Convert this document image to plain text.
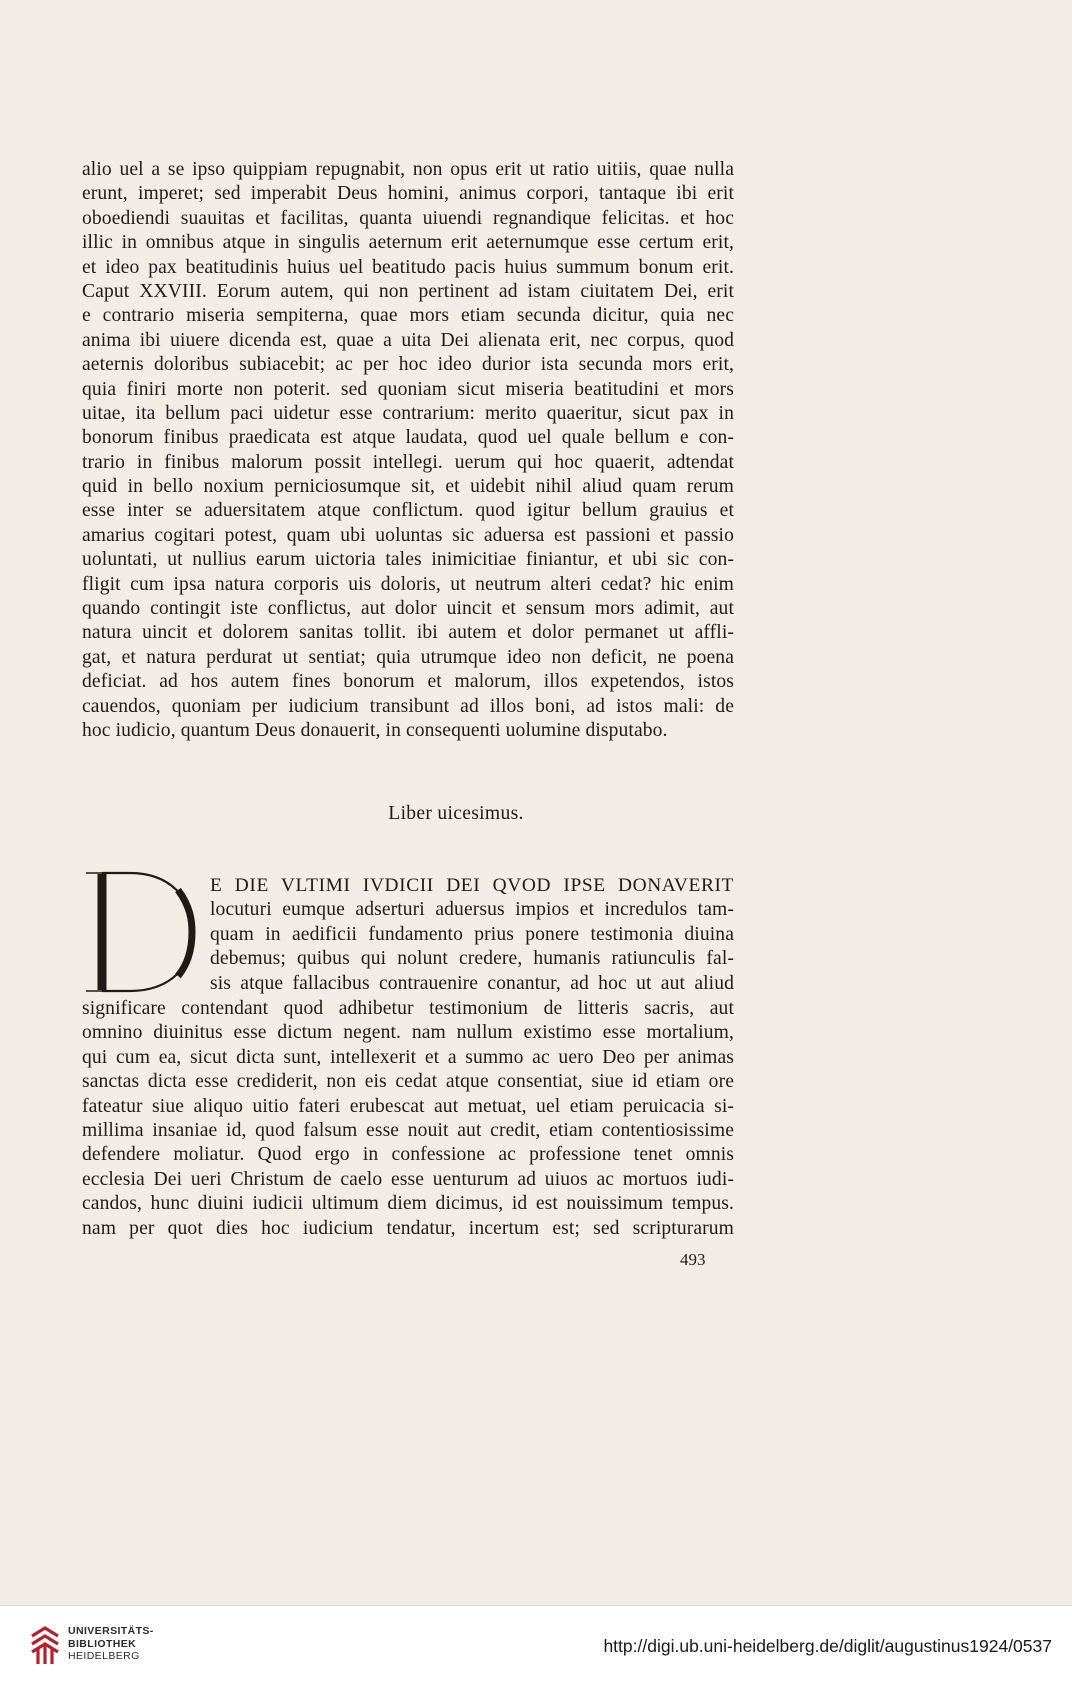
alio uel a se ipso quippiam repugnabit, non opus erit ut ratio uitiis, quae nulla
erunt, imperet; sed imperabit Deus homini, animus corpori, tantaque ibi erit
oboediendi suauitas et facilitas, quanta uiuendi regnandique felicitas. et hoc
illic in omnibus atque in singulis aeternum erit aeternumque esse certum erit,
et ideo pax beatitudinis huius uel beatitudo pacis huius summum bonum erit.
Caput XXVIII. Eorum autem, qui non pertinent ad istam ciuitatem Dei, erit
e contrario miseria sempiterna, quae mors etiam secunda dicitur, quia nec
anima ibi uiuere dicenda est, quae a uita Dei alienata erit, nec corpus, quod
aeternis doloribus subiacebit; ac per hoc ideo durior ista secunda mors erit,
quia finiri morte non poterit. sed quoniam sicut miseria beatitudini et mors
uitae, ita bellum paci uidetur esse contrarium: merito quaeritur, sicut pax in
bonorum finibus praedicata est atque laudata, quod uel quale bellum e con-
trario in finibus malorum possit intellegi. uerum qui hoc quaerit, adtendat
quid in bello noxium perniciosumque sit, et uidebit nihil aliud quam rerum
esse inter se aduersitatem atque conflictum. quod igitur bellum grauius et
amarius cogitari potest, quam ubi uoluntas sic aduersa est passioni et passio
uoluntati, ut nullius earum uictoria tales inimicitiae finiantur, et ubi sic con-
fligit cum ipsa natura corporis uis doloris, ut neutrum alteri cedat? hic enim
quando contingit iste conflictus, aut dolor uincit et sensum mors adimit, aut
natura uincit et dolorem sanitas tollit. ibi autem et dolor permanet ut affli-
gat, et natura perdurat ut sentiat; quia utrumque ideo non deficit, ne poena
deficiat. ad hos autem fines bonorum et malorum, illos expetendos, istos
cauendos, quoniam per iudicium transibunt ad illos boni, ad istos mali: de
hoc iudicio, quantum Deus donauerit, in consequenti uolumine disputabo.
Liber uicesimus.
E DIE VLTIMI IVDICII DEI QVOD IPSE DONAVERIT
locuturi eumque adserturi aduersus impios et incredulos tam-
quam in aedificii fundamento prius ponere testimonia diuina
debemus; quibus qui nolunt credere, humanis ratiunculis fal-
sis atque fallacibus contrauenire conantur, ad hoc ut aut aliud
significare contendant quod adhibetur testimonium de litteris sacris, aut
omnino diuinitus esse dictum negent. nam nullum existimo esse mortalium,
qui cum ea, sicut dicta sunt, intellexerit et a summo ac uero Deo per animas
sanctas dicta esse crediderit, non eis cedat atque consentiat, siue id etiam ore
fateatur siue aliquo uitio fateri erubescat aut metuat, uel etiam peruicacia si-
millima insaniae id, quod falsum esse nouit aut credit, etiam contentiosissime
defendere moliatur. Quod ergo in confessione ac professione tenet omnis
ecclesia Dei ueri Christum de caelo esse uenturum ad uiuos ac mortuos iudi-
candos, hunc diuini iudicii ultimum diem dicimus, id est nouissimum tempus.
nam per quot dies hoc iudicium tendatur, incertum est; sed scripturarum
493
UNIVERSITÄTS-
BIBLIOTHEK
HEIDELBERG	http://digi.ub.uni-heidelberg.de/diglit/augustinus1924/0537
